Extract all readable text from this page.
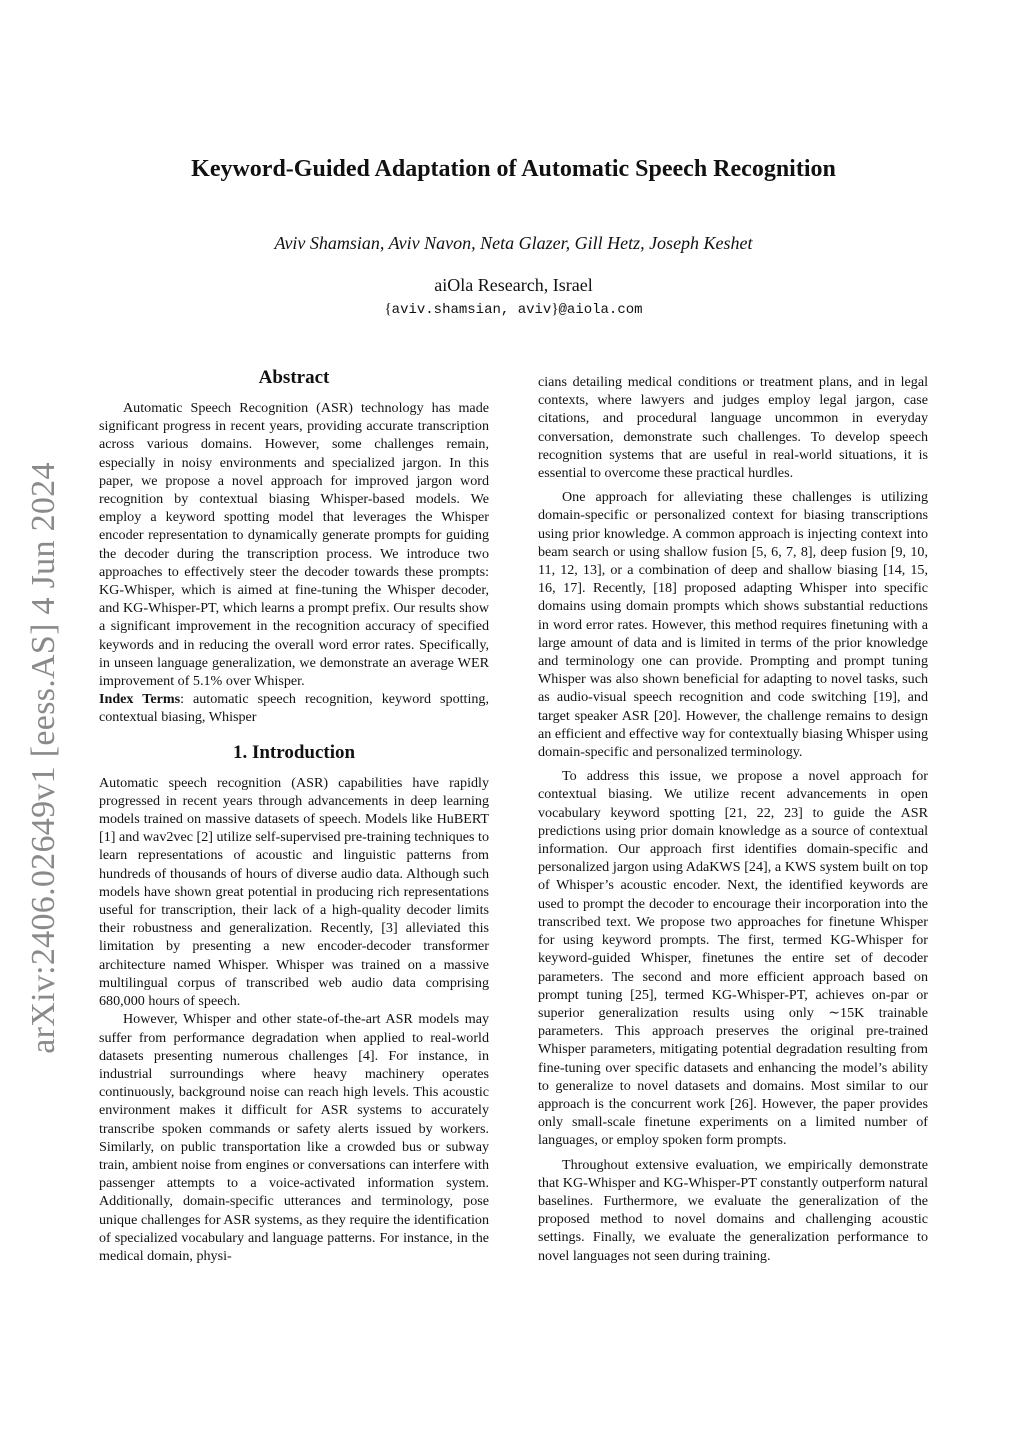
arXiv:2406.02649v1 [eess.AS] 4 Jun 2024
Keyword-Guided Adaptation of Automatic Speech Recognition

Aviv Shamsian, Aviv Navon, Neta Glazer, Gill Hetz, Joseph Keshet

aiOla Research, Israel

{aviv.shamsian, aviv}@aiola.com

Abstract

Automatic Speech Recognition (ASR) technology has made significant progress in recent years, providing accurate transcription across various domains. However, some challenges remain, especially in noisy environments and specialized jargon. In this paper, we propose a novel approach for improved jargon word recognition by contextual biasing Whisper-based models. We employ a keyword spotting model that leverages the Whisper encoder representation to dynamically generate prompts for guiding the decoder during the transcription process. We introduce two approaches to effectively steer the decoder towards these prompts: KG-Whisper, which is aimed at fine-tuning the Whisper decoder, and KG-Whisper-PT, which learns a prompt prefix. Our results show a significant improvement in the recognition accuracy of specified keywords and in reducing the overall word error rates. Specifically, in unseen language generalization, we demonstrate an average WER improvement of 5.1% over Whisper.

Index Terms: automatic speech recognition, keyword spotting, contextual biasing, Whisper

1. Introduction

Automatic speech recognition (ASR) capabilities have rapidly progressed in recent years through advancements in deep learning models trained on massive datasets of speech. Models like HuBERT [1] and wav2vec [2] utilize self-supervised pre-training techniques to learn representations of acoustic and linguistic patterns from hundreds of thousands of hours of diverse audio data. Although such models have shown great potential in producing rich representations useful for transcription, their lack of a high-quality decoder limits their robustness and generalization. Recently, [3] alleviated this limitation by presenting a new encoder-decoder transformer architecture named Whisper. Whisper was trained on a massive multilingual corpus of transcribed web audio data comprising 680,000 hours of speech.

However, Whisper and other state-of-the-art ASR models may suffer from performance degradation when applied to real-world datasets presenting numerous challenges [4]. For instance, in industrial surroundings where heavy machinery operates continuously, background noise can reach high levels. This acoustic environment makes it difficult for ASR systems to accurately transcribe spoken commands or safety alerts issued by workers. Similarly, on public transportation like a crowded bus or subway train, ambient noise from engines or conversations can interfere with passenger attempts to a voice-activated information system. Additionally, domain-specific utterances and terminology, pose unique challenges for ASR systems, as they require the identification of specialized vocabulary and language patterns. For instance, in the medical domain, physi-

cians detailing medical conditions or treatment plans, and in legal contexts, where lawyers and judges employ legal jargon, case citations, and procedural language uncommon in everyday conversation, demonstrate such challenges. To develop speech recognition systems that are useful in real-world situations, it is essential to overcome these practical hurdles.

One approach for alleviating these challenges is utilizing domain-specific or personalized context for biasing transcriptions using prior knowledge. A common approach is injecting context into beam search or using shallow fusion [5, 6, 7, 8], deep fusion [9, 10, 11, 12, 13], or a combination of deep and shallow biasing [14, 15, 16, 17]. Recently, [18] proposed adapting Whisper into specific domains using domain prompts which shows substantial reductions in word error rates. However, this method requires finetuning with a large amount of data and is limited in terms of the prior knowledge and terminology one can provide. Prompting and prompt tuning Whisper was also shown beneficial for adapting to novel tasks, such as audio-visual speech recognition and code switching [19], and target speaker ASR [20]. However, the challenge remains to design an efficient and effective way for contextually biasing Whisper using domain-specific and personalized terminology.

To address this issue, we propose a novel approach for contextual biasing. We utilize recent advancements in open vocabulary keyword spotting [21, 22, 23] to guide the ASR predictions using prior domain knowledge as a source of contextual information. Our approach first identifies domain-specific and personalized jargon using AdaKWS [24], a KWS system built on top of Whisper’s acoustic encoder. Next, the identified keywords are used to prompt the decoder to encourage their incorporation into the transcribed text. We propose two approaches for finetune Whisper for using keyword prompts. The first, termed KG-Whisper for keyword-guided Whisper, finetunes the entire set of decoder parameters. The second and more efficient approach based on prompt tuning [25], termed KG-Whisper-PT, achieves on-par or superior generalization results using only ∼15K trainable parameters. This approach preserves the original pre-trained Whisper parameters, mitigating potential degradation resulting from fine-tuning over specific datasets and enhancing the model’s ability to generalize to novel datasets and domains. Most similar to our approach is the concurrent work [26]. However, the paper provides only small-scale finetune experiments on a limited number of languages, or employ spoken form prompts.

Throughout extensive evaluation, we empirically demonstrate that KG-Whisper and KG-Whisper-PT constantly outperform natural baselines. Furthermore, we evaluate the generalization of the proposed method to novel domains and challenging acoustic settings. Finally, we evaluate the generalization performance to novel languages not seen during training.
